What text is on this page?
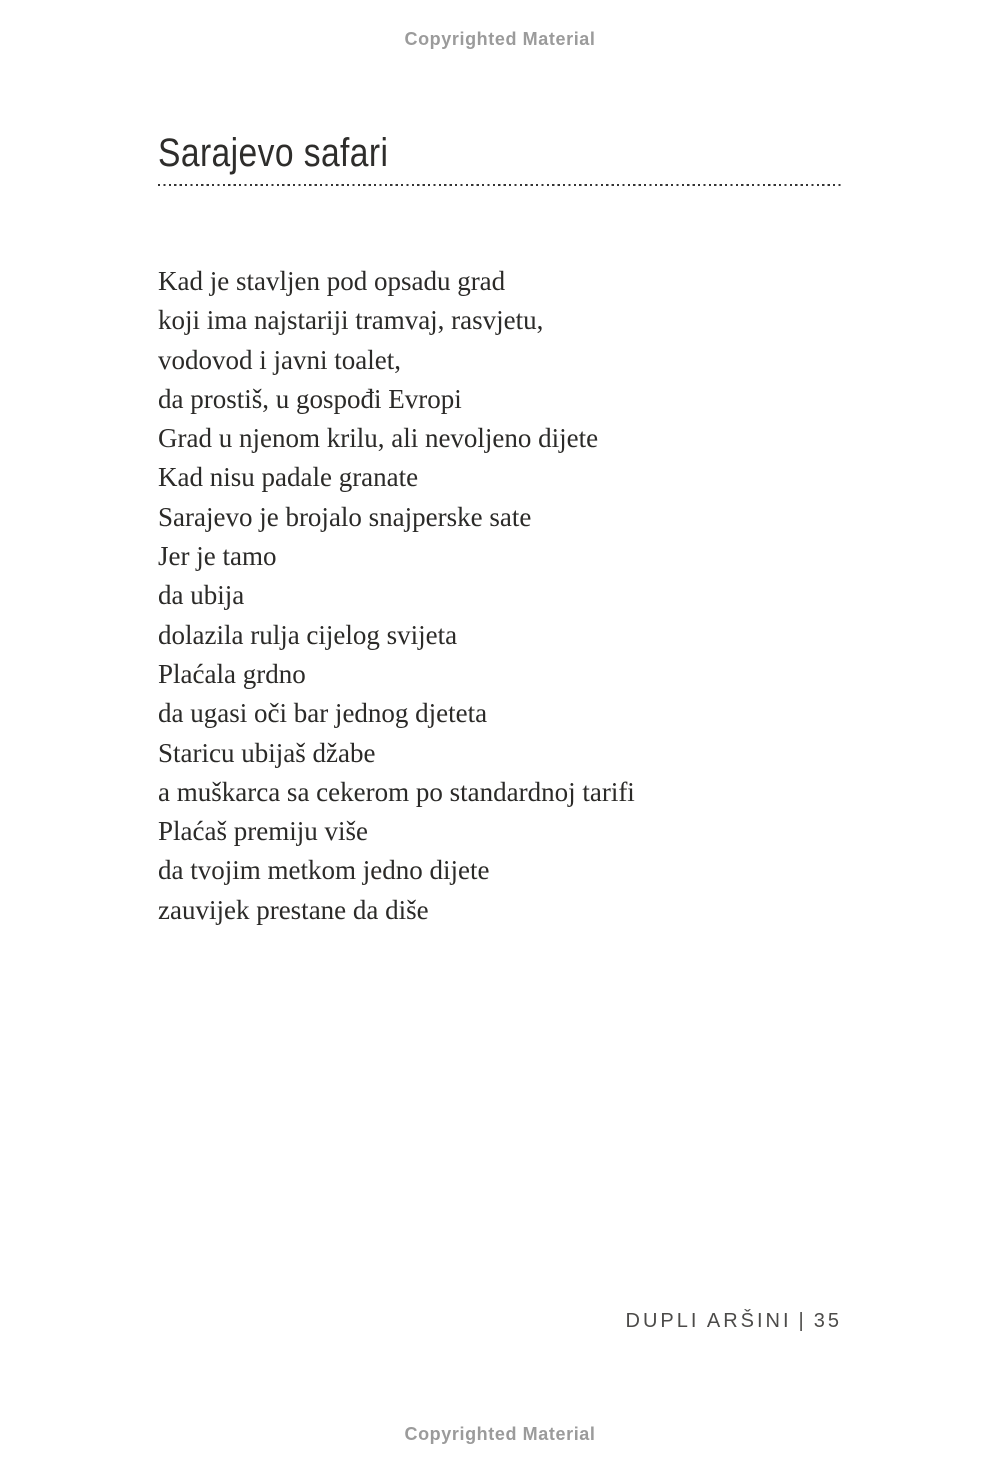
Copyrighted Material
Sarajevo safari
Kad je stavljen pod opsadu grad
koji ima najstariji tramvaj, rasvjetu,
vodovod i javni toalet,
da prostiš, u gospođi Evropi
Grad u njenom krilu, ali nevoljeno dijete
Kad nisu padale granate
Sarajevo je brojalo snajperske sate
Jer je tamo
da ubija
dolazila rulja cijelog svijeta
Plaćala grdno
da ugasi oči bar jednog djeteta
Staricu ubijaš džabe
a muškarca sa cekerom po standardnoj tarifi
Plaćaš premiju više
da tvojim metkom jedno dijete
zauvijek prestane da diše
DUPLI ARŠINI | 35
Copyrighted Material
